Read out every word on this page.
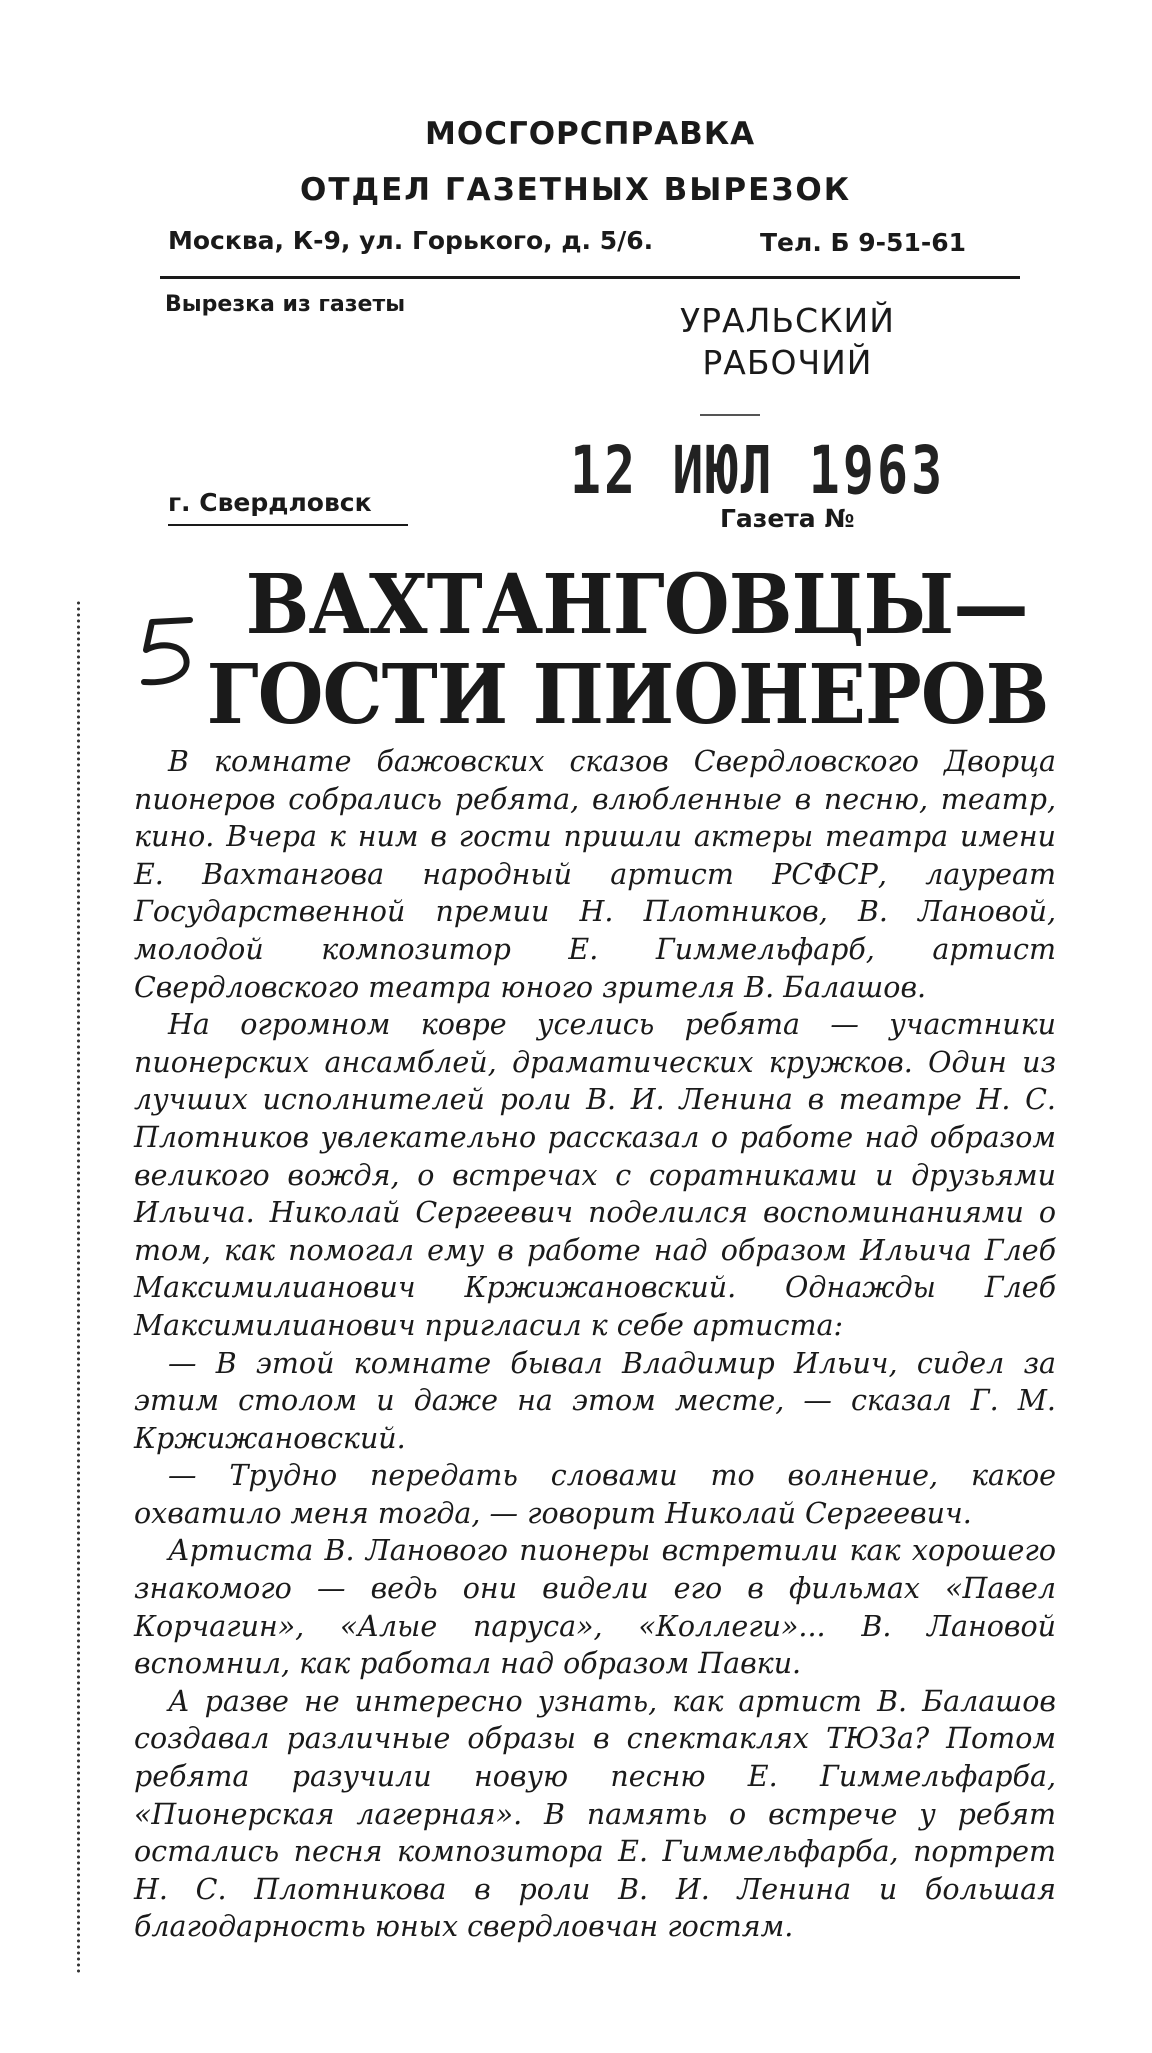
МОСГОРСПРАВКА
ОТДЕЛ ГАЗЕТНЫХ ВЫРЕЗОК
Москва, К-9, ул. Горького, д. 5/6.	Тел. Б 9-51-61
Вырезка из газеты	УРАЛЬСКИЙ
РАБОЧИЙ
12 ИЮЛ 1963
г. Свердловск
Газета №
ВАХТАНГОВЦЫ—
ГОСТИ ПИОНЕРОВ

В комнате бажовских сказов Свердловского Дворца пионеров собрались ребята, влюбленные в песню, театр, кино. Вчера к ним в гости пришли актеры театра имени Е. Вахтангова народный артист РСФСР, лауреат Государственной премии Н. Плотников, В. Лановой, молодой композитор Е. Гиммельфарб, артист Свердловского театра юного зрителя В. Балашов.

На огромном ковре уселись ребята — участники пионерских ансамблей, драматических кружков. Один из лучших исполнителей роли В. И. Ленина в театре Н. С. Плотников увлекательно рассказал о работе над образом великого вождя, о встречах с соратниками и друзьями Ильича. Николай Сергеевич поделился воспоминаниями о том, как помогал ему в работе над образом Ильича Глеб Максимилианович Кржижановский. Однажды Глеб Максимилианович пригласил к себе артиста:

— В этой комнате бывал Владимир Ильич, сидел за этим столом и даже на этом месте, — сказал Г. М. Кржижановский.

— Трудно передать словами то волнение, какое охватило меня тогда, — говорит Николай Сергеевич.

Артиста В. Ланового пионеры встретили как хорошего знакомого — ведь они видели его в фильмах «Павел Корчагин», «Алые паруса», «Коллеги»... В. Лановой вспомнил, как работал над образом Павки.

А разве не интересно узнать, как артист В. Балашов создавал различные образы в спектаклях ТЮЗа? Потом ребята разучили новую песню Е. Гиммельфарба, «Пионерская лагерная». В память о встрече у ребят остались песня композитора Е. Гиммельфарба, портрет Н. С. Плотникова в роли В. И. Ленина и большая благодарность юных свердловчан гостям.
